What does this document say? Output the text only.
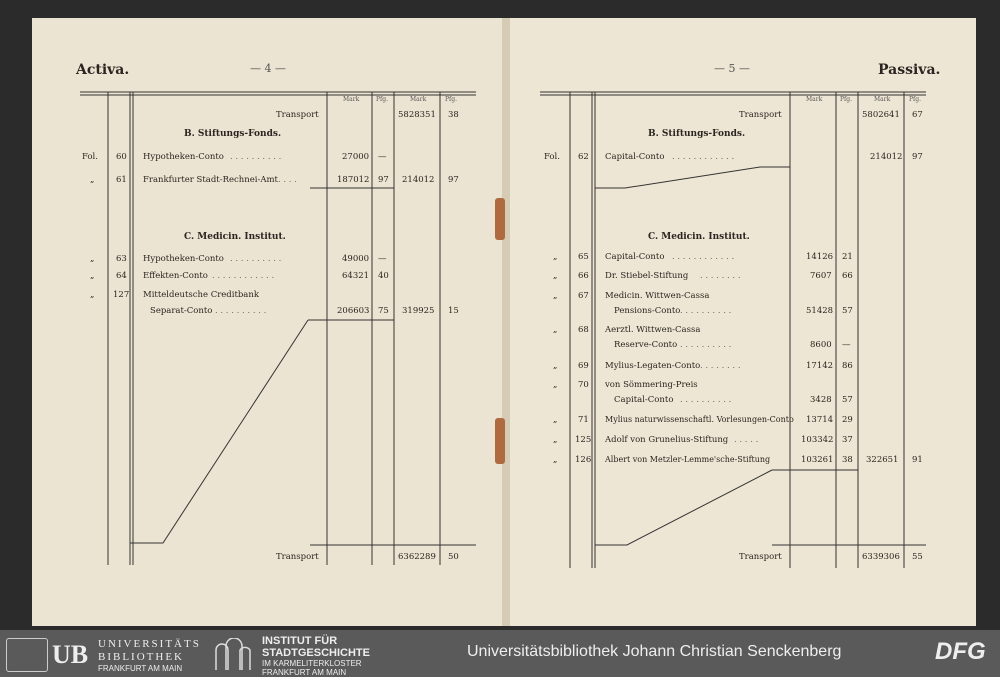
Activa.	— 4 —
Mark	Pfg.	Mark	Pfg.
Transport	5828351 38
B. Stiftungs-Fonds.
Fol. 60 Hypotheken-Conto . . . . . . . . . .	27000 —
„	61 Frankfurter Stadt-Rechnei-Amt . . . .	187012 97 214012 97
C. Medicin. Institut.
„	63 Hypotheken-Conto . . . . . . . . . .	49000 —
„	64 Effekten-Conto . . . . . . . . . . . .	64321 40
„ 127 Mitteldeutsche Creditbank
Separat-Conto . . . . . . . . . .	206603 75 319925 15
Transport	6362289 50
— 5 —	Passiva.
Mark	Pfg.	Mark	Pfg.
Transport	5802641 67
B. Stiftungs-Fonds.
Fol. 62 Capital-Conto . . . . . . . . . . . .	214012 97
C. Medicin. Institut.
„ 65 Capital-Conto . . . . . . . . . . . .	14126 21
„ 66 Dr. Stiebel-Stiftung . . . . . . . .	7607 66
„ 67 Medicin. Wittwen-Cassa
Pensions-Conto . . . . . . . . . .	51428 57
„ 68 Aerztl. Wittwen-Cassa
Reserve-Conto . . . . . . . . . .	8600 —
„ 69 Mylius-Legaten-Conto . . . . . . . .	17142 86
„ 70 von Sömmering-Preis
Capital-Conto . . . . . . . . . .	3428 57
„ 71 Mylius naturwissenschaftl. Vorlesungen-Conto 13714 29
„ 125 Adolf von Grunelius-Stiftung . . . . .	103342 37
„ 126 Albert von Metzler-Lemme'sche-Stiftung	103261 38 322651 91
Transport	6339306 55
UB UNIVERSITÄTS
BIBLIOTHEK
FRANKFURT AM MAIN
INSTITUT FÜR
STADTGESCHICHTE
IM KARMELITERKLOSTER
FRANKFURT AM MAIN
Universitätsbibliothek Johann Christian Senckenberg	DFG
